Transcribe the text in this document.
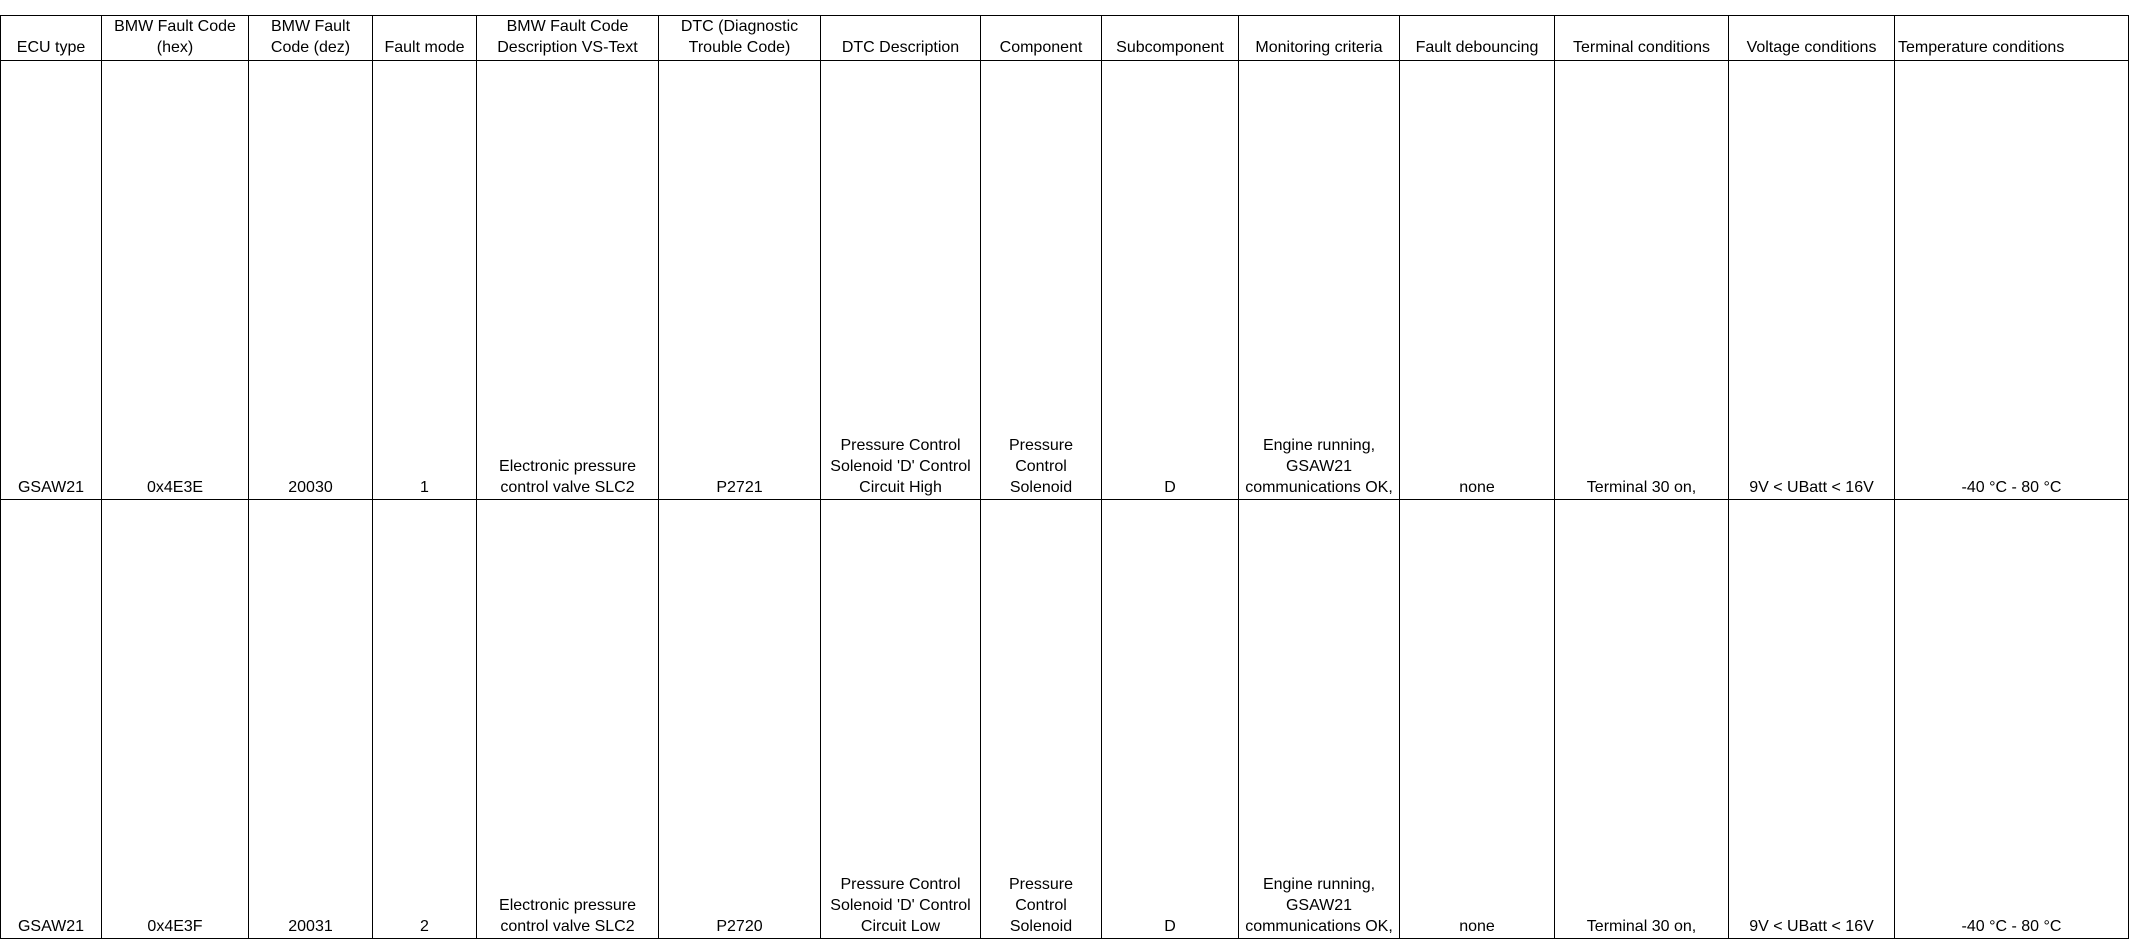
ECU type	BMW Fault Code (hex)	BMW Fault Code (dez)	Fault mode	BMW Fault Code Description VS-Text	DTC (Diagnostic Trouble Code)	DTC Description	Component	Subcomponent	Monitoring criteria	Fault debouncing	Terminal conditions	Voltage conditions	Temperature conditions
GSAW21	0x4E3E	20030	1	Electronic pressure control valve SLC2	P2721	Pressure Control Solenoid 'D' Control Circuit High	Pressure Control Solenoid	D	Engine running, GSAW21 communications OK,	none	Terminal 30 on,	9V < UBatt < 16V	-40 °C - 80 °C
GSAW21	0x4E3F	20031	2	Electronic pressure control valve SLC2	P2720	Pressure Control Solenoid 'D' Control Circuit Low	Pressure Control Solenoid	D	Engine running, GSAW21 communications OK,	none	Terminal 30 on,	9V < UBatt < 16V	-40 °C - 80 °C
